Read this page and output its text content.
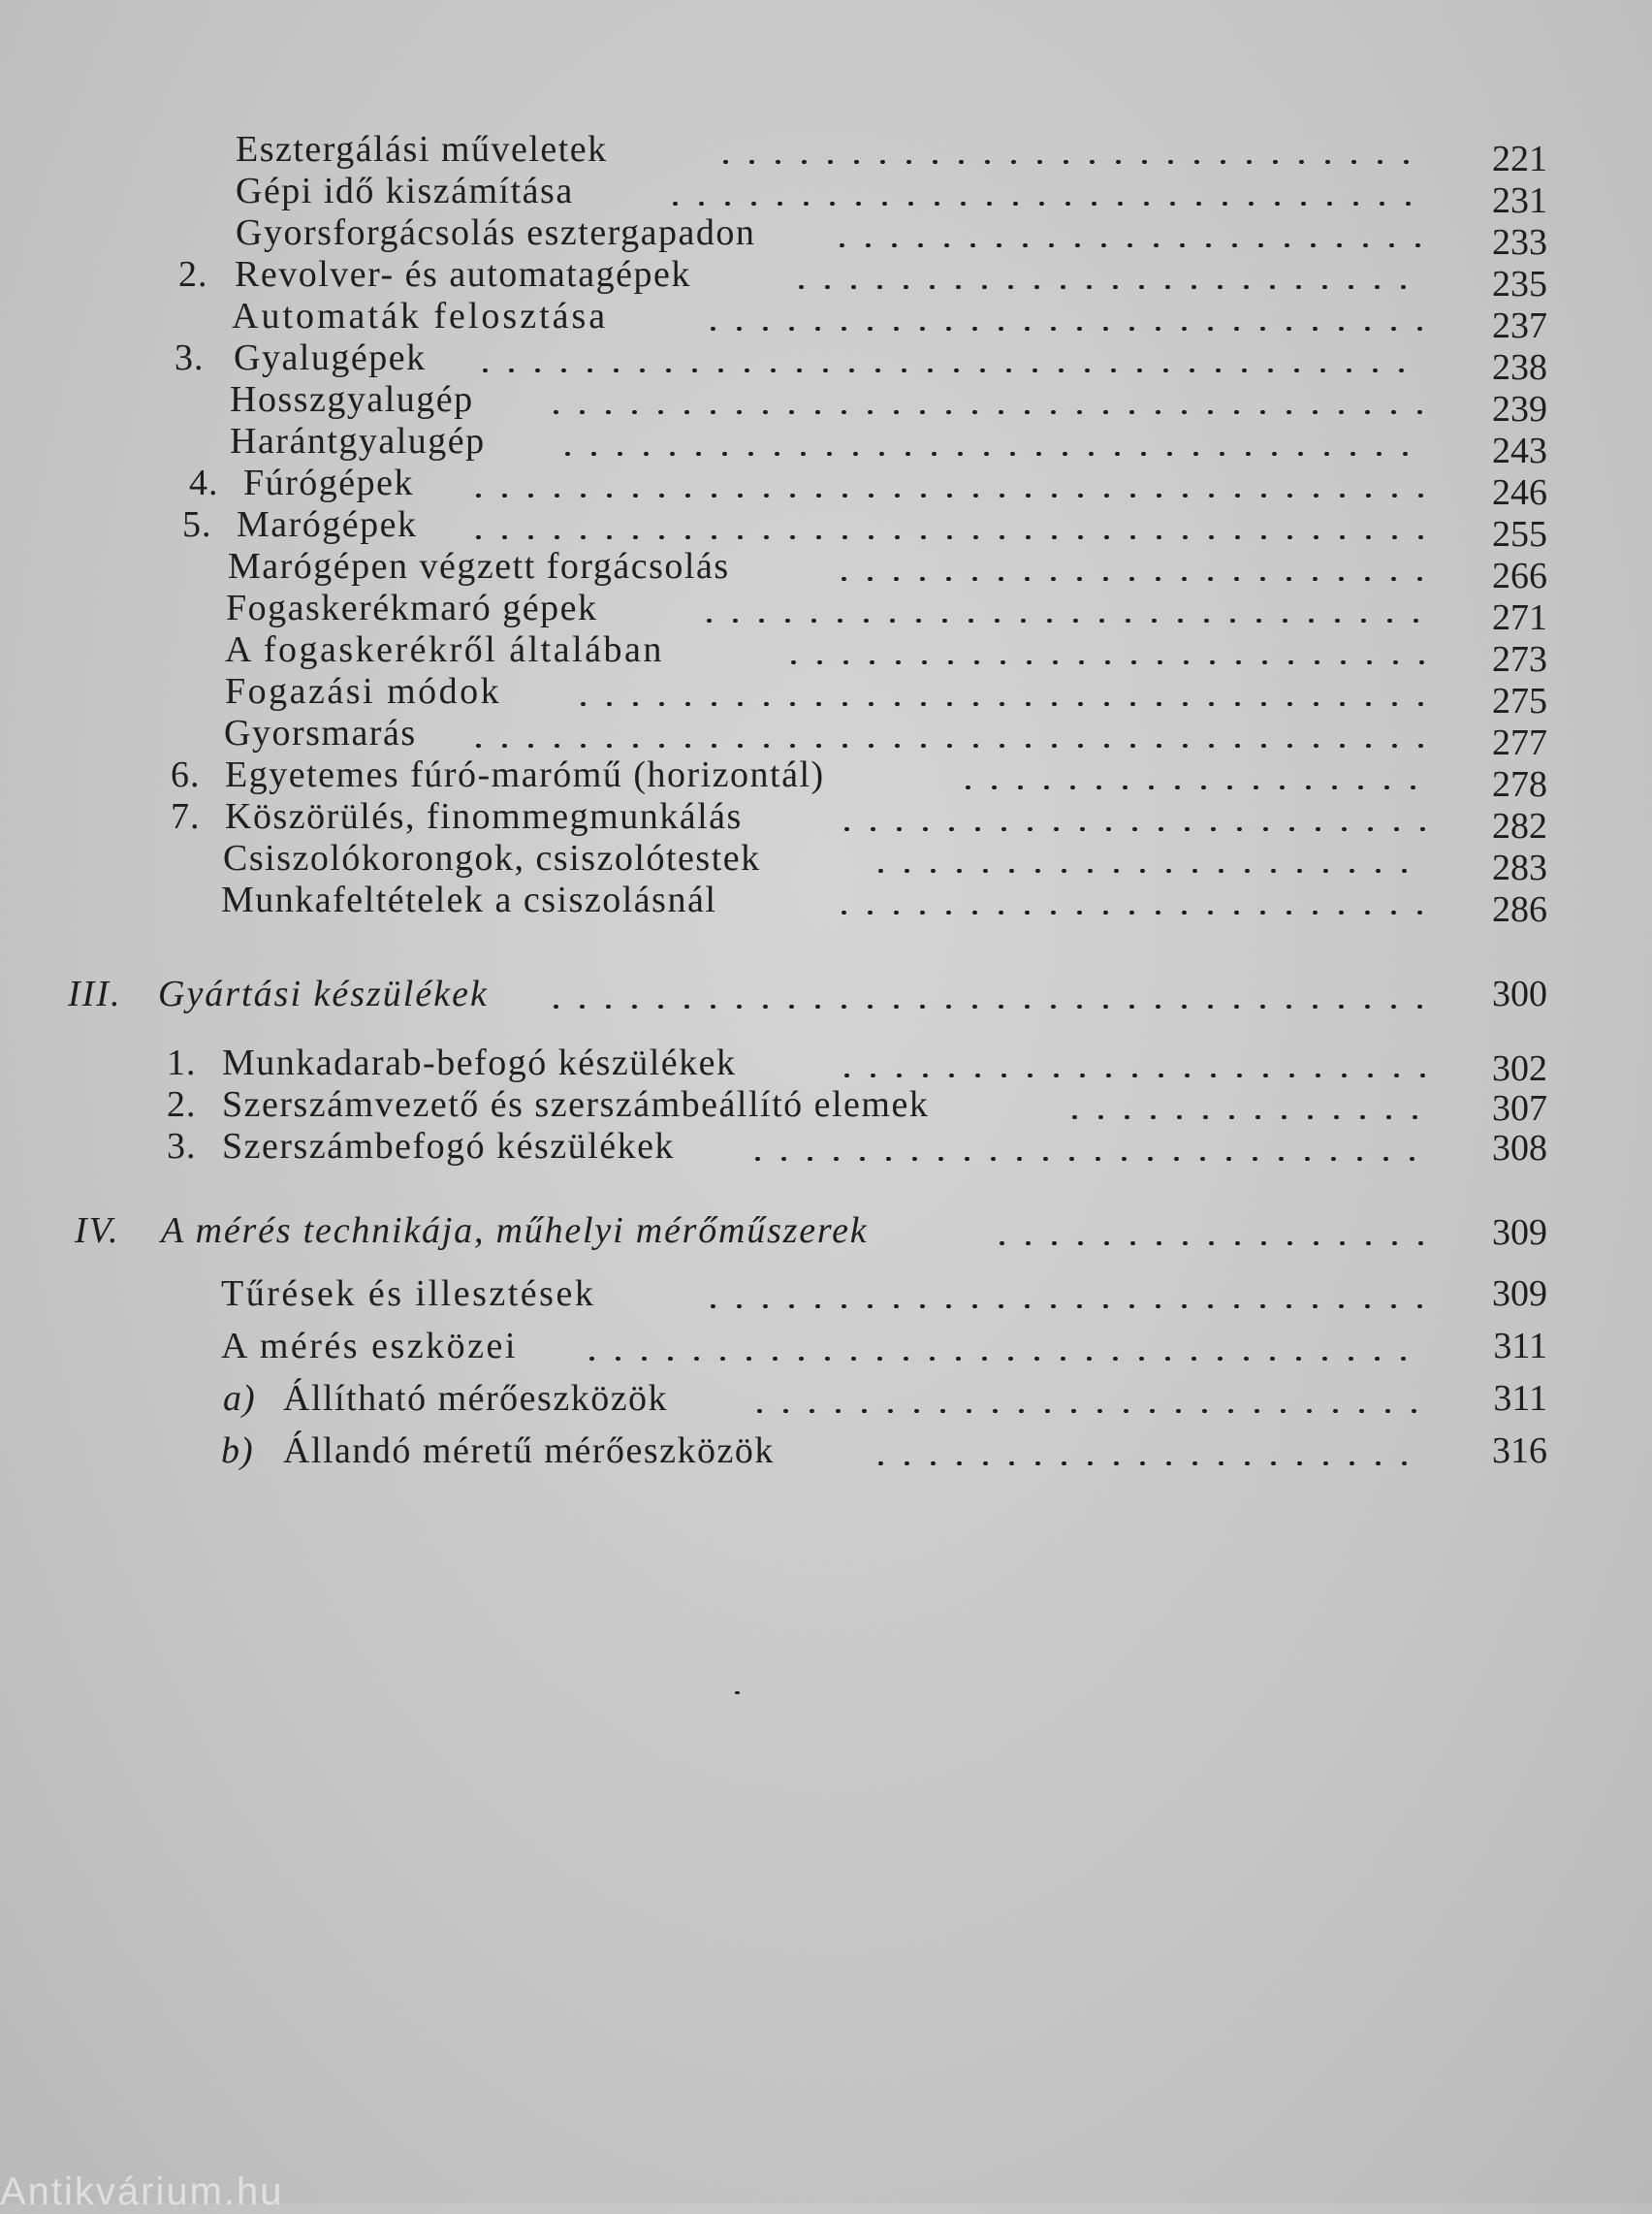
Esztergálási műveletek	221
Gépi idő kiszámítása	231
Gyorsforgácsolás esztergapadon	233
2. Revolver- és automatagépek	235
Automaták felosztása	237
3. Gyalugépek	238
Hosszgyalugép	239
Harántgyalugép	243
4. Fúrógépek	246
5. Marógépek	255
Marógépen végzett forgácsolás	266
Fogaskerékmaró gépek	271
A fogaskerékről általában	273
Fogazási módok	275
Gyorsmarás	277
6. Egyetemes fúró-marómű (horizontál)	278
7. Köszörülés, finommegmunkálás	282
Csiszolókorongok, csiszolótestek	283
Munkafeltételek a csiszolásnál	286
III. Gyártási készülékek	300
1. Munkadarab-befogó készülékek	302
2. Szerszámvezető és szerszámbeállító elemek	307
3. Szerszámbefogó készülékek	308
IV. A mérés technikája, műhelyi mérőműszerek	309
Tűrések és illesztések	309
A mérés eszközei	311
a) Állítható mérőeszközök	311
b) Állandó méretű mérőeszközök	316
Antikvárium.hu
